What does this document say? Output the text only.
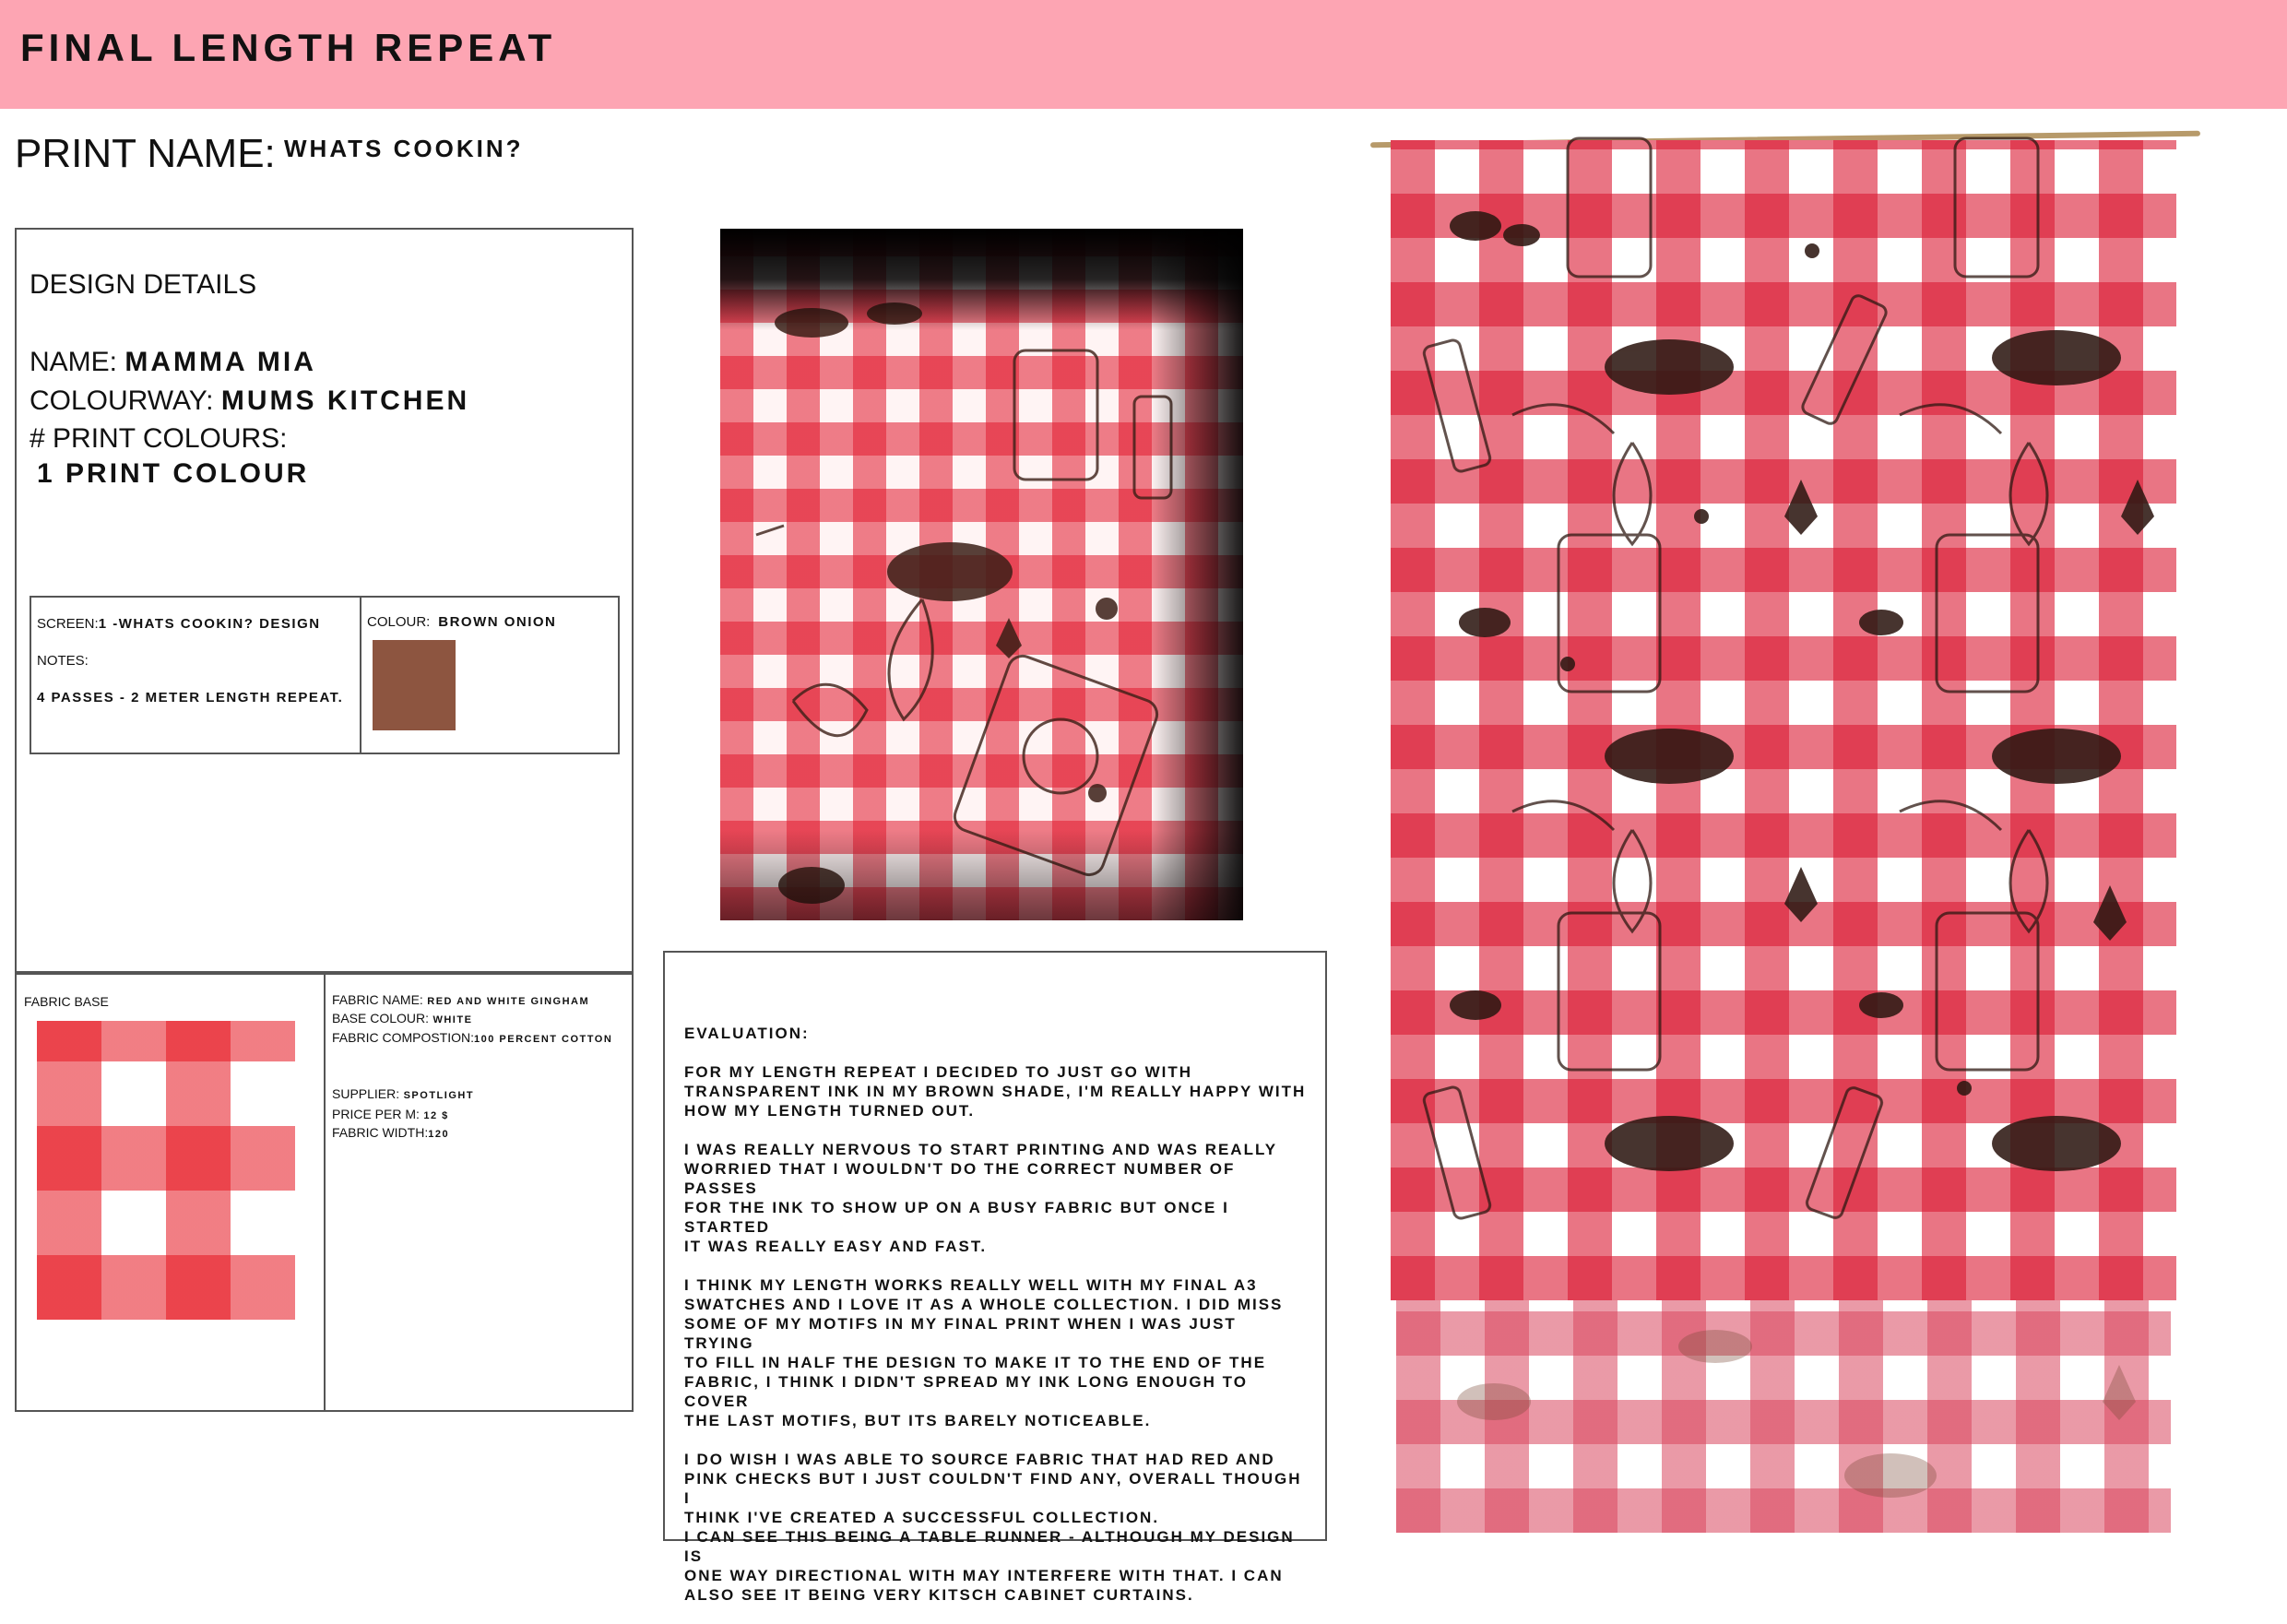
FINAL LENGTH REPEAT
PRINT NAME: WHATS COOKIN?
DESIGN DETAILS
NAME: MAMMA MIA
COLOURWAY: MUMS KITCHEN
# PRINT COLOURS:
1 PRINT COLOUR
SCREEN:1 -WHATS COOKIN? DESIGN
NOTES:
4 PASSES - 2 METER LENGTH REPEAT.
COLOUR: BROWN ONION
FABRIC BASE	FABRIC NAME: RED AND WHITE GINGHAM
BASE COLOUR: WHITE
FABRIC COMPOSTION:100 PERCENT COTTON
SUPPLIER: SPOTLIGHT
PRICE PER M: 12 $
FABRIC WIDTH:120

EVALUATION:

FOR MY LENGTH REPEAT I DECIDED TO JUST GO WITH
TRANSPARENT INK IN MY BROWN SHADE, I'M REALLY HAPPY WITH
HOW MY LENGTH TURNED OUT.

I WAS REALLY NERVOUS TO START PRINTING AND WAS REALLY
WORRIED THAT I WOULDN'T DO THE CORRECT NUMBER OF PASSES
FOR THE INK TO SHOW UP ON A BUSY FABRIC BUT ONCE I STARTED
IT WAS REALLY EASY AND FAST.

I THINK MY LENGTH WORKS REALLY WELL WITH MY FINAL A3
SWATCHES AND I LOVE IT AS A WHOLE COLLECTION. I DID MISS
SOME OF MY MOTIFS IN MY FINAL PRINT WHEN I WAS JUST TRYING
TO FILL IN HALF THE DESIGN TO MAKE IT TO THE END OF THE
FABRIC, I THINK I DIDN'T SPREAD MY INK LONG ENOUGH TO COVER
THE LAST MOTIFS, BUT ITS BARELY NOTICEABLE.

I DO WISH I WAS ABLE TO SOURCE FABRIC THAT HAD RED AND
PINK CHECKS BUT I JUST COULDN'T FIND ANY, OVERALL THOUGH I
THINK I'VE CREATED A SUCCESSFUL COLLECTION.
I CAN SEE THIS BEING A TABLE RUNNER - ALTHOUGH MY DESIGN IS
ONE WAY DIRECTIONAL WITH MAY INTERFERE WITH THAT. I CAN
ALSO SEE IT BEING VERY KITSCH CABINET CURTAINS.
